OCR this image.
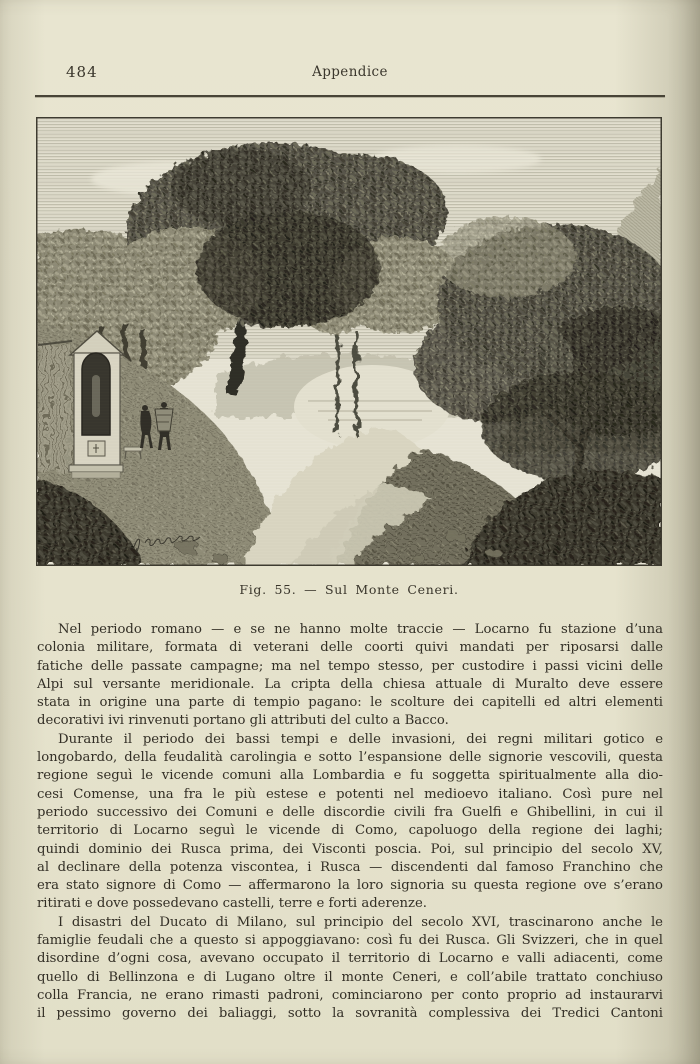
484	Appendice
Fig. 55. — Sul Monte Ceneri.
Nel periodo romano — e se ne hanno molte traccie — Locarno fu stazione d’una
colonia militare, formata di veterani delle coorti quivi mandati per riposarsi dalle
fatiche delle passate campagne; ma nel tempo stesso, per custodire i passi vicini delle
Alpi sul versante meridionale. La cripta della chiesa attuale di Muralto deve essere
stata in origine una parte di tempio pagano: le scolture dei capitelli ed altri elementi
decorativi ivi rinvenuti portano gli attributi del culto a Bacco.
Durante il periodo dei bassi tempi e delle invasioni, dei regni militari gotico e
longobardo, della feudalità carolingia e sotto l’espansione delle signorie vescovili, questa
regione seguì le vicende comuni alla Lombardia e fu soggetta spiritualmente alla dio-
cesi Comense, una fra le più estese e potenti nel medioevo italiano. Così pure nel
periodo successivo dei Comuni e delle discordie civili fra Guelfi e Ghibellini, in cui il
territorio di Locarno seguì le vicende di Como, capoluogo della regione dei laghi;
quindi dominio dei Rusca prima, dei Visconti poscia. Poi, sul principio del secolo XV,
al declinare della potenza viscontea, i Rusca — discendenti dal famoso Franchino che
era stato signore di Como — affermarono la loro signoria su questa regione ove s’erano
ritirati e dove possedevano castelli, terre e forti aderenze.
I disastri del Ducato di Milano, sul principio del secolo XVI, trascinarono anche le
famiglie feudali che a questo si appoggiavano: così fu dei Rusca. Gli Svizzeri, che in quel
disordine d’ogni cosa, avevano occupato il territorio di Locarno e valli adiacenti, come
quello di Bellinzona e di Lugano oltre il monte Ceneri, e coll’abile trattato conchiuso
colla Francia, ne erano rimasti padroni, cominciarono per conto proprio ad instaurarvi
il pessimo governo dei baliaggi, sotto la sovranità complessiva dei Tredici Cantoni
